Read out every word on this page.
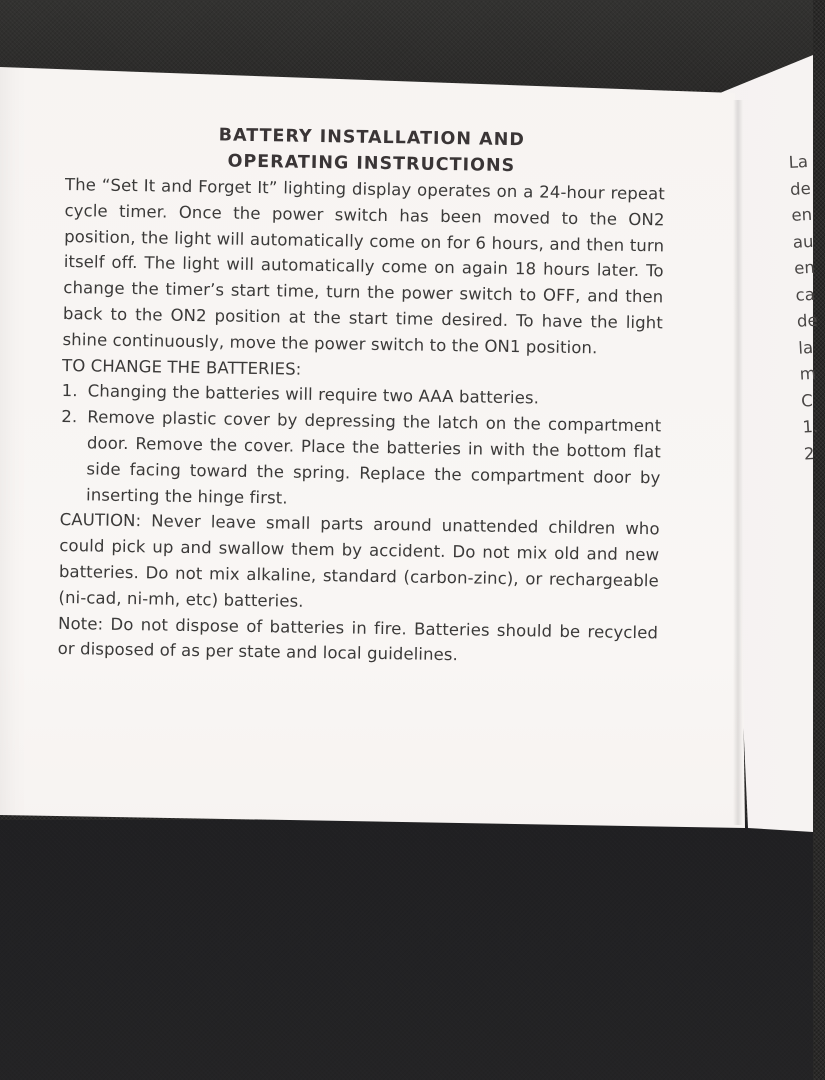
BATTERY INSTALLATION AND

OPERATING INSTRUCTIONS

The “Set It and Forget It” lighting display operates on a 24-hour repeat cycle timer. Once the power switch has been moved to the ON2 position, the light will automatically come on for 6 hours, and then turn itself off. The light will automatically come on again 18 hours later. To change the timer’s start time, turn the power switch to OFF, and then back to the ON2 position at the start time desired. To have the light shine continuously, move the power switch to the ON1 position.

TO CHANGE THE BATTERIES:

1. Changing the batteries will require two AAA batteries.
2. Remove plastic cover by depressing the latch on the compartment door. Remove the cover. Place the batteries in with the bottom flat side facing toward the spring. Replace the compartment door by inserting the hinge first.

CAUTION: Never leave small parts around unattended children who could pick up and swallow them by accident. Do not mix old and new batteries. Do not mix alkaline, standard (carbon-zinc), or rechargeable (ni-cad, ni-mh, etc) batteries.

Note: Do not dispose of batteries in fire. Batteries should be recycled or disposed of as per state and local guidelines.

La
de
en
au
en
ca
de
la
m
C
1.
2
